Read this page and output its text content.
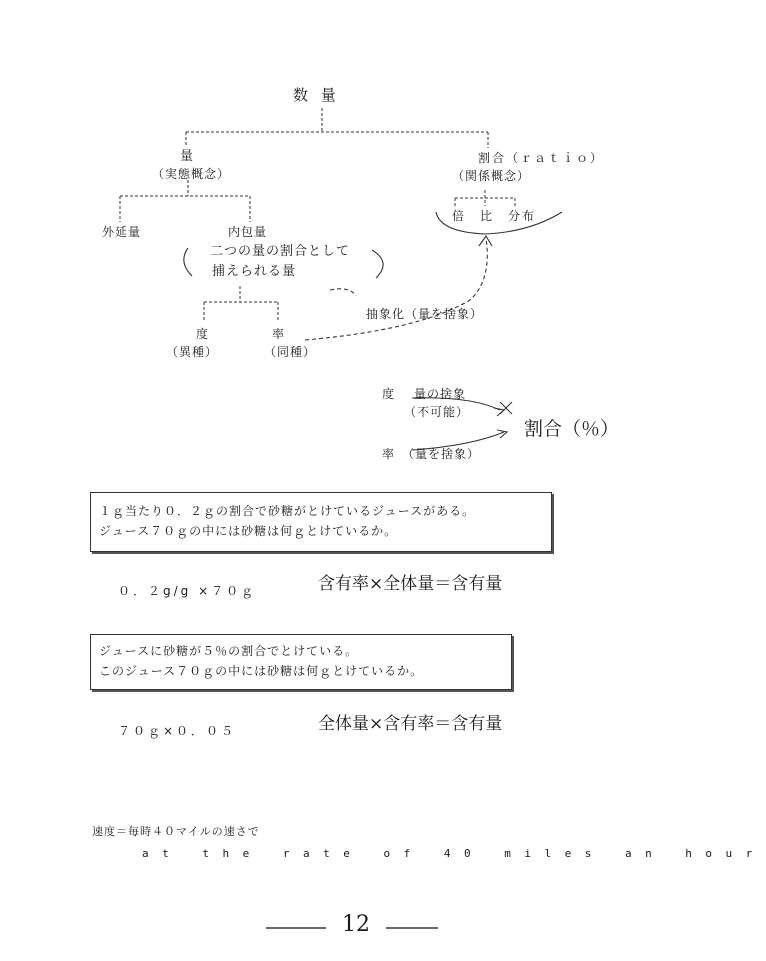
数 量
量
（実態概念）
割合（ｒａｔｉｏ）
（関係概念）
倍　比　分布
外延量	内包量
二つの量の割合として
捕えられる量
抽象化（量を捨象）
度
（異種）
率
（同種）
度 量の捨象
（不可能）
率 （量を捨象）
割合（％）
１ｇ当たり０．２ｇの割合で砂糖がとけているジュースがある。
ジュース７０ｇの中には砂糖は何ｇとけているか。
０．２g/g ×７０ｇ	含有率×全体量＝含有量
ジュースに砂糖が５％の割合でとけている。
このジュース７０ｇの中には砂糖は何ｇとけているか。
７０ｇ×０．０５	全体量×含有率＝含有量
速度＝毎時４０マイルの速さで
at the rate of 40 miles an hour
12
